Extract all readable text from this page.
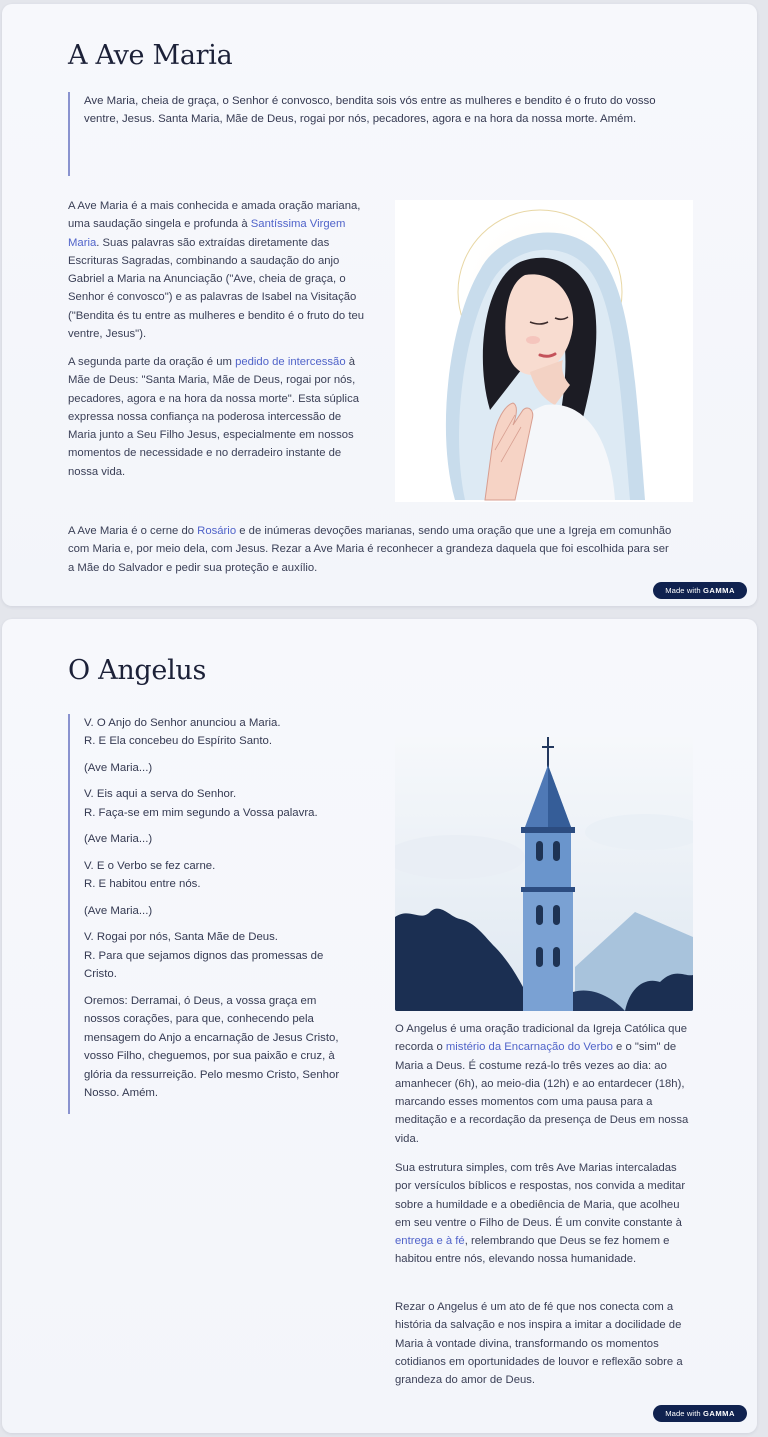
A Ave Maria

Ave Maria, cheia de graça, o Senhor é convosco, bendita sois vós entre as mulheres e bendito é o fruto do vosso ventre, Jesus. Santa Maria, Mãe de Deus, rogai por nós, pecadores, agora e na hora da nossa morte. Amém.

A Ave Maria é a mais conhecida e amada oração mariana, uma saudação singela e profunda à Santíssima Virgem Maria. Suas palavras são extraídas diretamente das Escrituras Sagradas, combinando a saudação do anjo Gabriel a Maria na Anunciação ("Ave, cheia de graça, o Senhor é convosco") e as palavras de Isabel na Visitação ("Bendita és tu entre as mulheres e bendito é o fruto do teu ventre, Jesus").

A segunda parte da oração é um pedido de intercessão à Mãe de Deus: "Santa Maria, Mãe de Deus, rogai por nós, pecadores, agora e na hora da nossa morte". Esta súplica expressa nossa confiança na poderosa intercessão de Maria junto a Seu Filho Jesus, especialmente em nossos momentos de necessidade e no derradeiro instante de nossa vida.

A Ave Maria é o cerne do Rosário e de inúmeras devoções marianas, sendo uma oração que une a Igreja em comunhão com Maria e, por meio dela, com Jesus. Rezar a Ave Maria é reconhecer a grandeza daquela que foi escolhida para ser a Mãe do Salvador e pedir sua proteção e auxílio.

Made with GAMMA
O Angelus

V. O Anjo do Senhor anunciou a Maria.
R. E Ela concebeu do Espírito Santo.

(Ave Maria...)

V. Eis aqui a serva do Senhor.
R. Faça-se em mim segundo a Vossa palavra.

(Ave Maria...)

V. E o Verbo se fez carne.
R. E habitou entre nós.

(Ave Maria...)

V. Rogai por nós, Santa Mãe de Deus.
R. Para que sejamos dignos das promessas de Cristo.

Oremos: Derramai, ó Deus, a vossa graça em nossos corações, para que, conhecendo pela mensagem do Anjo a encarnação de Jesus Cristo, vosso Filho, cheguemos, por sua paixão e cruz, à glória da ressurreição. Pelo mesmo Cristo, Senhor Nosso. Amém.

O Angelus é uma oração tradicional da Igreja Católica que recorda o mistério da Encarnação do Verbo e o "sim" de Maria a Deus. É costume rezá-lo três vezes ao dia: ao amanhecer (6h), ao meio-dia (12h) e ao entardecer (18h), marcando esses momentos com uma pausa para a meditação e a recordação da presença de Deus em nossa vida.

Sua estrutura simples, com três Ave Marias intercaladas por versículos bíblicos e respostas, nos convida a meditar sobre a humildade e a obediência de Maria, que acolheu em seu ventre o Filho de Deus. É um convite constante à entrega e à fé, relembrando que Deus se fez homem e habitou entre nós, elevando nossa humanidade.

Rezar o Angelus é um ato de fé que nos conecta com a história da salvação e nos inspira a imitar a docilidade de Maria à vontade divina, transformando os momentos cotidianos em oportunidades de louvor e reflexão sobre a grandeza do amor de Deus.

Made with GAMMA
